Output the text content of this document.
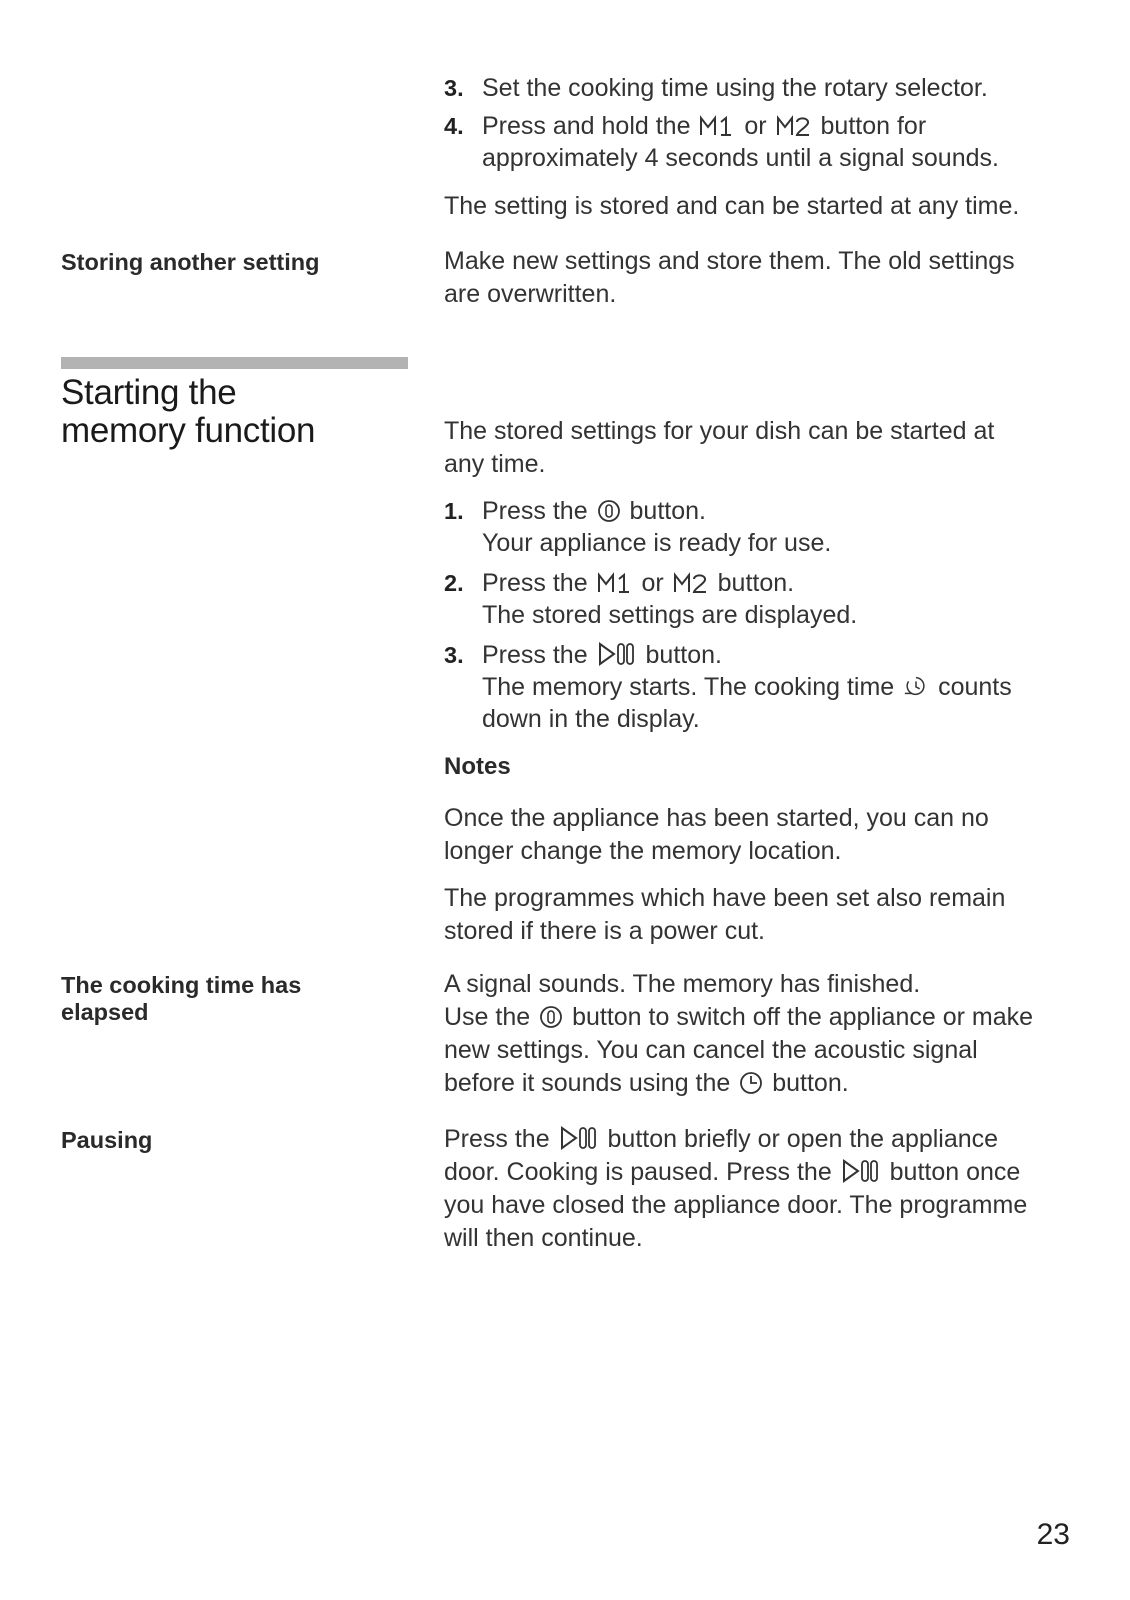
3. Set the cooking time using the rotary selector.
4. Press and hold the or button for
approximately 4 seconds until a signal sounds.
The setting is stored and can be started at any time.
Storing another setting	Make new settings and store them. The old settings
are overwritten.
Starting the
memory function	The stored settings for your dish can be started at
any time.
1. Press the button.
Your appliance is ready for use.
2. Press the or button.
The stored settings are displayed.
3. Press the button.
The memory starts. The cooking time counts
down in the display.
Notes
Once the appliance has been started, you can no
longer change the memory location.
The programmes which have been set also remain
stored if there is a power cut.
The cooking time has
elapsed
A signal sounds. The memory has finished.
Use the button to switch off the appliance or make
new settings. You can cancel the acoustic signal
before it sounds using the button.
Pausing	Press the button briefly or open the appliance
door. Cooking is paused. Press the button once
you have closed the appliance door. The programme
will then continue.
23
